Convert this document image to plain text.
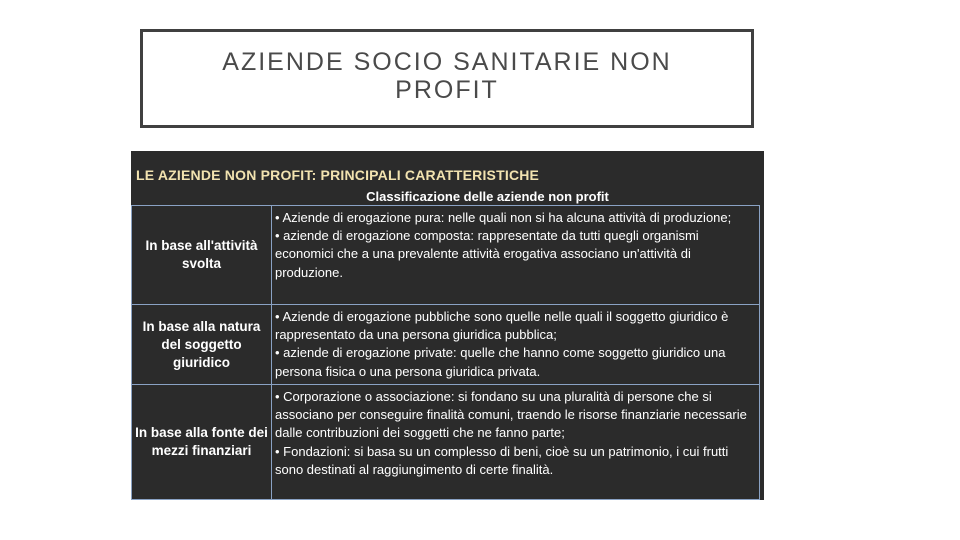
AZIENDE SOCIO SANITARIE NON PROFIT
LE AZIENDE NON PROFIT: PRINCIPALI CARATTERISTICHE
Classificazione delle aziende non profit
In base all'attività svolta	• Aziende di erogazione pura: nelle quali non si ha alcuna attività di produzione;

• aziende di erogazione composta: rappresentate da tutti quegli organismi economici che a una prevalente attività erogativa associano un'attività di produzione.

In base alla natura del soggetto giuridico	• Aziende di erogazione pubbliche sono quelle nelle quali il soggetto giuridico è rappresentato da una persona giuridica pubblica;

• aziende di erogazione private: quelle che hanno come soggetto giuridico una persona fisica o una persona giuridica privata.

In base alla fonte dei mezzi finanziari	• Corporazione o associazione: si fondano su una pluralità di persone che si associano per conseguire finalità comuni, traendo le risorse finanziarie necessarie dalle contribuzioni dei soggetti che ne fanno parte;

• Fondazioni: si basa su un complesso di beni, cioè su un patrimonio, i cui frutti sono destinati al raggiungimento di certe finalità.
